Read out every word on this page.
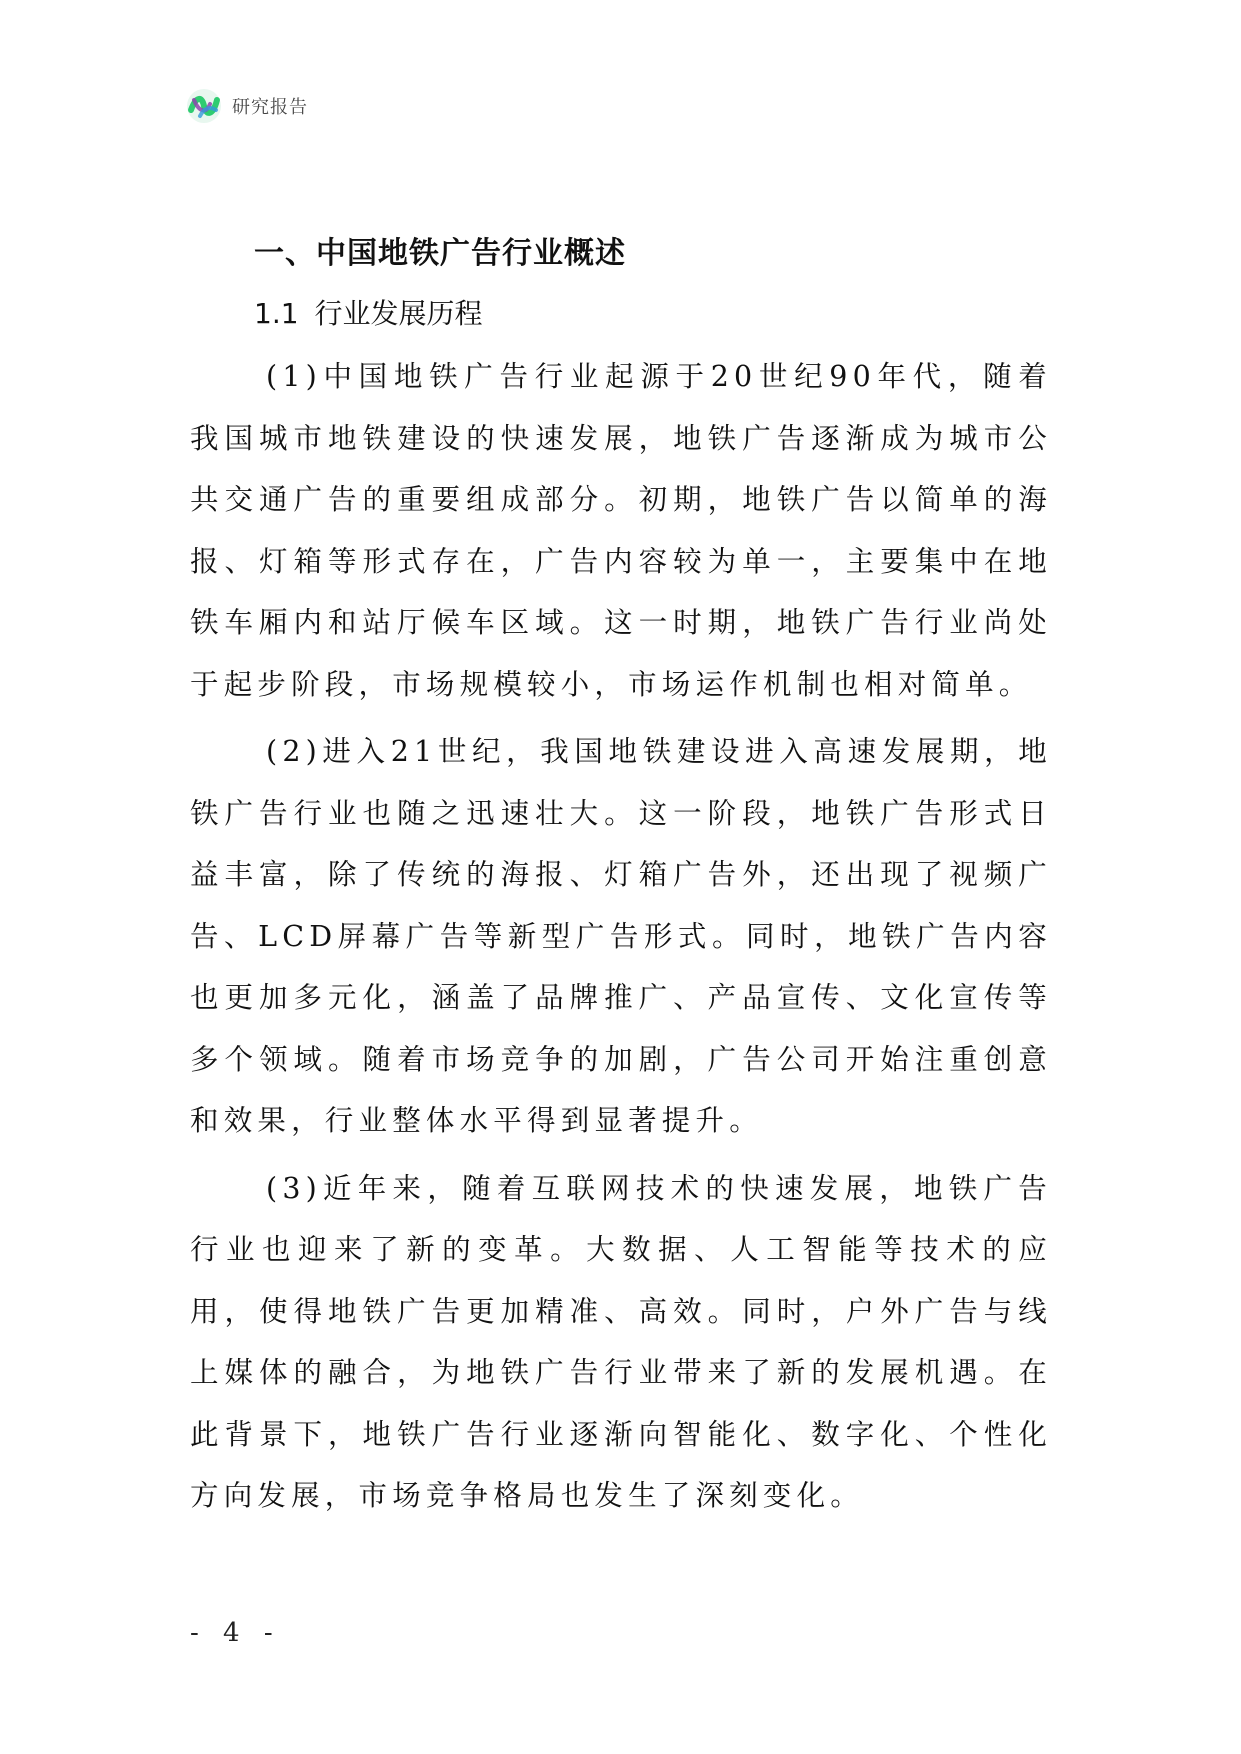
研究报告
一、中国地铁广告行业概述
1.1 行业发展历程

(1)中国地铁广告行业起源于20世纪90年代，随着我国城市地铁建设的快速发展，地铁广告逐渐成为城市公共交通广告的重要组成部分。初期，地铁广告以简单的海报、灯箱等形式存在，广告内容较为单一，主要集中在地铁车厢内和站厅候车区域。这一时期，地铁广告行业尚处于起步阶段，市场规模较小，市场运作机制也相对简单。

(2)进入21世纪，我国地铁建设进入高速发展期，地铁广告行业也随之迅速壮大。这一阶段，地铁广告形式日益丰富，除了传统的海报、灯箱广告外，还出现了视频广告、LCD屏幕广告等新型广告形式。同时，地铁广告内容也更加多元化，涵盖了品牌推广、产品宣传、文化宣传等多个领域。随着市场竞争的加剧，广告公司开始注重创意和效果，行业整体水平得到显著提升。

(3)近年来，随着互联网技术的快速发展，地铁广告行业也迎来了新的变革。大数据、人工智能等技术的应用，使得地铁广告更加精准、高效。同时，户外广告与线上媒体的融合，为地铁广告行业带来了新的发展机遇。在此背景下，地铁广告行业逐渐向智能化、数字化、个性化方向发展，市场竞争格局也发生了深刻变化。

- 4 -
